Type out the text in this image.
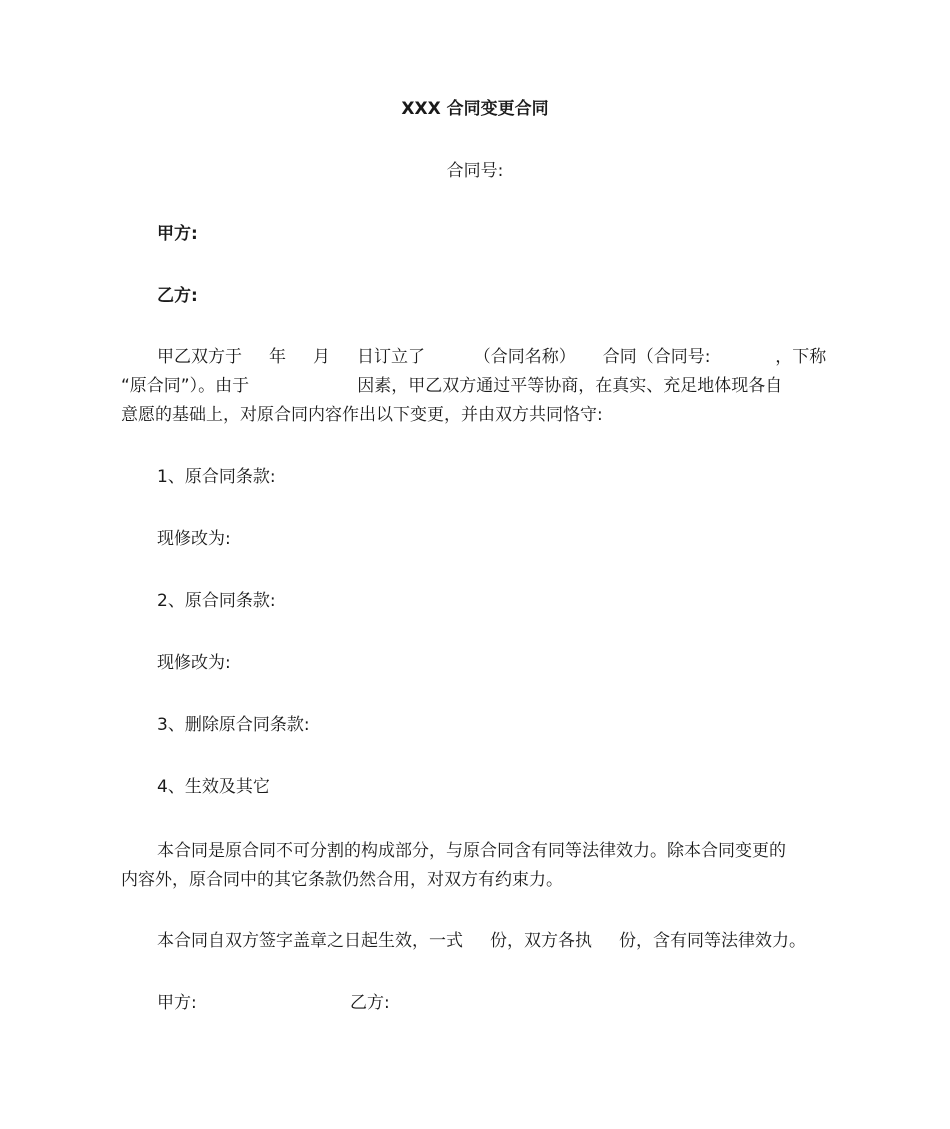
XXX 合同变更合同
合同号:
甲方:
乙方:
甲乙双方于     年     月     日订立了         （合同名称）     合同（合同号:            ，下称
“原合同”）。由于                    因素，甲乙双方通过平等协商，在真实、充足地体现各自
意愿的基础上，对原合同内容作出以下变更，并由双方共同恪守:
1、原合同条款:
现修改为:
2、原合同条款:
现修改为:
3、删除原合同条款:
4、生效及其它
本合同是原合同不可分割的构成部分，与原合同含有同等法律效力。除本合同变更的
内容外，原合同中的其它条款仍然合用，对双方有约束力。
本合同自双方签字盖章之日起生效，一式     份，双方各执     份，含有同等法律效力。
甲方:	乙方:
